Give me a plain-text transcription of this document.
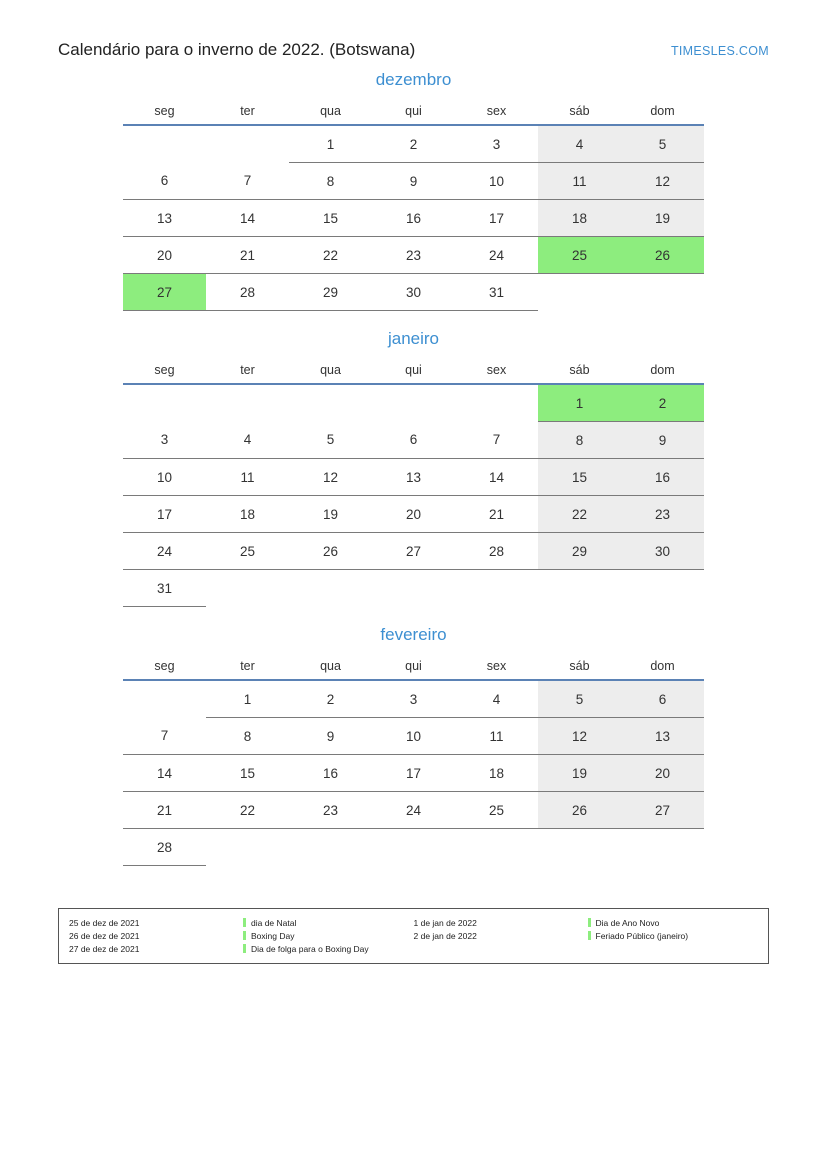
Calendário para o inverno de 2022. (Botswana)	TIMESLES.COM
dezembro
seg	ter	qua	qui	sex	sáb	dom
		1	2	3	4	5
6	7	8	9	10	11	12
13	14	15	16	17	18	19
20	21	22	23	24	25	26
27	28	29	30	31		
janeiro
seg	ter	qua	qui	sex	sáb	dom
					1	2
3	4	5	6	7	8	9
10	11	12	13	14	15	16
17	18	19	20	21	22	23
24	25	26	27	28	29	30
31						
fevereiro
seg	ter	qua	qui	sex	sáb	dom
	1	2	3	4	5	6
7	8	9	10	11	12	13
14	15	16	17	18	19	20
21	22	23	24	25	26	27
28						
25 de dez de 2021	dia de Natal
26 de dez de 2021	Boxing Day
27 de dez de 2021	Dia de folga para o Boxing Day
1 de jan de 2022	Dia de Ano Novo
2 de jan de 2022	Feriado Público (janeiro)
